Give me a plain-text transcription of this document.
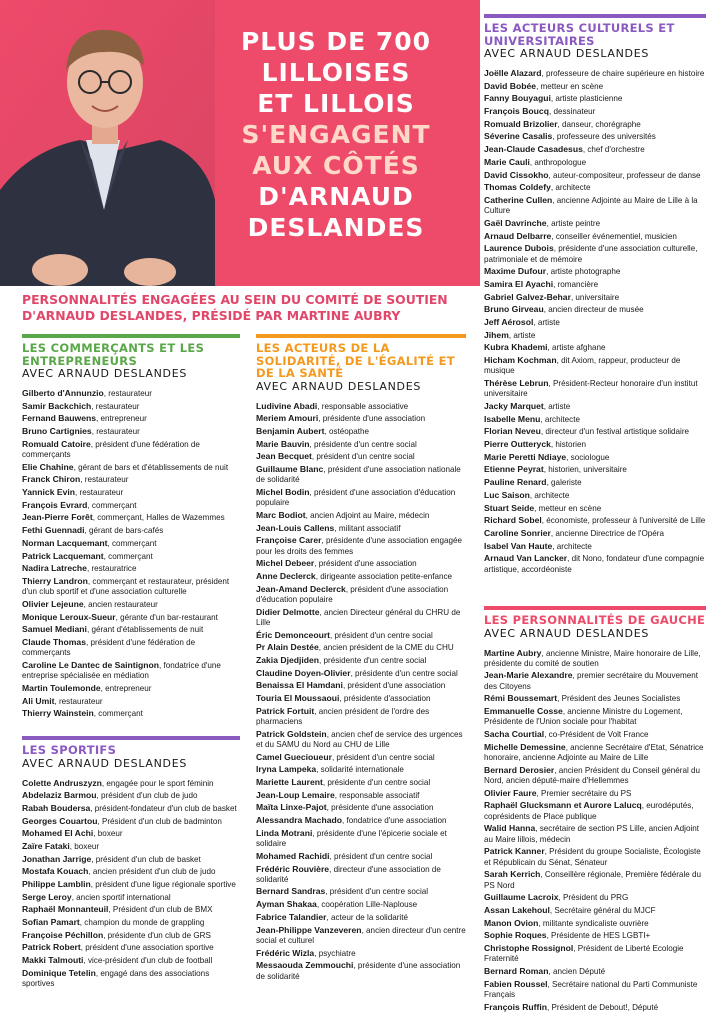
PLUS DE 700
LILLOISES
ET LILLOIS
S'ENGAGENT
AUX CÔTÉS
D'ARNAUD
DESLANDES
PERSONNALITÉS ENGAGÉES AU SEIN DU COMITÉ DE SOUTIEN D'ARNAUD DESLANDES, PRÉSIDÉ PAR MARTINE AUBRY
LES COMMERÇANTS ET LES ENTREPRENEURS
AVEC ARNAUD DESLANDES
Gilberto d'Annunzio, restaurateur
Samir Backchich, restaurateur
Fernand Bauwens, entrepreneur
Bruno Cartignies, restaurateur
Romuald Catoire, président d'une fédération de commerçants
Elie Chahine, gérant de bars et d'établissements de nuit
Franck Chiron, restaurateur
Yannick Evin, restaurateur
François Evrard, commerçant
Jean-Pierre Forêt, commerçant, Halles de Wazemmes
Fethi Guennadi, gérant de bars-cafés
Norman Lacquemant, commerçant
Patrick Lacquemant, commerçant
Nadira Latreche, restauratrice
Thierry Landron, commerçant et restaurateur, président d'un club sportif et d'une association culturelle
Olivier Lejeune, ancien restaurateur
Monique Leroux-Sueur, gérante d'un bar-restaurant
Samuel Mediani, gérant d'établissements de nuit
Claude Thomas, président d'une fédération de commerçants
Caroline Le Dantec de Saintignon, fondatrice d'une entreprise spécialisée en médiation
Martin Toulemonde, entrepreneur
Ali Umit, restaurateur
Thierry Wainstein, commerçant
LES SPORTIFS
AVEC ARNAUD DESLANDES
Colette Andruszyzn, engagée pour le sport féminin
Abdelaziz Barmou, président d'un club de judo
Rabah Boudersa, président-fondateur d'un club de basket
Georges Couartou, Président d'un club de badminton
Mohamed El Achi, boxeur
Zaïre Fataki, boxeur
Jonathan Jarrige, président d'un club de basket
Mostafa Kouach, ancien président d'un club de judo
Philippe Lamblin, président d'une ligue régionale sportive
Serge Leroy, ancien sportif international
Raphaël Monnanteuil, Président d'un club de BMX
Sofian Pamart, champion du monde de grappling
Françoise Péchillon, présidente d'un club de GRS
Patrick Robert, président d'une association sportive
Makki Talmouti, vice-président d'un club de football
Dominique Tetelin, engagé dans des associations sportives
LES ACTEURS DE LA SOLIDARITÉ, DE L'ÉGALITÉ ET DE LA SANTÉ
AVEC ARNAUD DESLANDES
Ludivine Abadi, responsable associative
Meriem Amouri, présidente d'une association
Benjamin Aubert, ostéopathe
Marie Bauvin, présidente d'un centre social
Jean Becquet, président d'un centre social
Guillaume Blanc, président d'une association nationale de solidarité
Michel Bodin, président d'une association d'éducation populaire
Marc Bodiot, ancien Adjoint au Maire, médecin
Jean-Louis Callens, militant associatif
Françoise Carer, présidente d'une association engagée pour les droits des femmes
Michel Debeer, président d'une association
Anne Declerck, dirigeante association petite-enfance
Jean-Amand Declerck, président d'une association d'éducation populaire
Didier Delmotte, ancien Directeur général du CHRU de Lille
Éric Demonceourt, président d'un centre social
Pr Alain Destée, ancien président de la CME du CHU
Zakia Djedjiden, présidente d'un centre social
Claudine Doyen-Olivier, présidente d'un centre social
Benaissa El Hamdani, président d'une association
Touria El Moussaoui, présidente d'association
Patrick Fortuit, ancien président de l'ordre des pharmaciens
Patrick Goldstein, ancien chef de service des urgences et du SAMU du Nord au CHU de Lille
Camel Guecioueur, président d'un centre social
Iryna Lampeka, solidarité internationale
Mariette Laurent, présidente d'un centre social
Jean-Loup Lemaire, responsable associatif
Maïta Linxe-Pajot, présidente d'une association
Alessandra Machado, fondatrice d'une association
Linda Motrani, présidente d'une l'épicerie sociale et solidaire
Mohamed Rachidi, président d'un centre social
Frédéric Rouvière, directeur d'une association de solidarité
Bernard Sandras, président d'un centre social
Ayman Shakaa, coopération Lille-Naplouse
Fabrice Talandier, acteur de la solidarité
Jean-Philippe Vanzeveren, ancien directeur d'un centre social et culturel
Frédéric Wizla, psychiatre
Messaouda Zemmouchi, présidente d'une association de solidarité
LES ACTEURS CULTURELS ET UNIVERSITAIRES
AVEC ARNAUD DESLANDES
Joëlle Alazard, professeure de chaire supérieure en histoire
David Bobée, metteur en scène
Fanny Bouyagui, artiste plasticienne
François Boucq, dessinateur
Romuald Brizolier, danseur, chorégraphe
Séverine Casalis, professeure des universités
Jean-Claude Casadesus, chef d'orchestre
Marie Cauli, anthropologue
David Cissokho, auteur-compositeur, professeur de danse
Thomas Coldefy, architecte
Catherine Cullen, ancienne Adjointe au Maire de Lille à la Culture
Gaël Davrinche, artiste peintre
Arnaud Delbarre, conseiller événementiel, musicien
Laurence Dubois, présidente d'une association culturelle, patrimoniale et de mémoire
Maxime Dufour, artiste photographe
Samira El Ayachi, romancière
Gabriel Galvez-Behar, universitaire
Bruno Girveau, ancien directeur de musée
Jeff Aérosol, artiste
Jihem, artiste
Kubra Khademi, artiste afghane
Hicham Kochman, dit Axiom, rappeur, producteur de musique
Thérèse Lebrun, Président-Recteur honoraire d'un institut universitaire
Jacky Marquet, artiste
Isabelle Menu, architecte
Florian Neveu, directeur d'un festival artistique solidaire
Pierre Outteryck, historien
Marie Peretti Ndiaye, sociologue
Etienne Peyrat, historien, universitaire
Pauline Renard, galeriste
Luc Saison, architecte
Stuart Seide, metteur en scène
Richard Sobel, économiste, professeur à l'université de Lille
Caroline Sonrier, ancienne Directrice de l'Opéra
Isabel Van Haute, architecte
Arnaud Van Lancker, dit Nono, fondateur d'une compagnie artistique, accordéoniste
LES PERSONNALITÉS DE GAUCHE
AVEC ARNAUD DESLANDES
Martine Aubry, ancienne Ministre, Maire honoraire de Lille, présidente du comité de soutien
Jean-Marie Alexandre, premier secrétaire du Mouvement des Citoyens
Rémi Boussemart, Président des Jeunes Socialistes
Emmanuelle Cosse, ancienne Ministre du Logement, Présidente de l'Union sociale pour l'habitat
Sacha Courtial, co-Président de Volt France
Michelle Demessine, ancienne Secrétaire d'Etat, Sénatrice honoraire, ancienne Adjointe au Maire de Lille
Bernard Derosier, ancien Président du Conseil général du Nord, ancien député-maire d'Hellemmes
Olivier Faure, Premier secrétaire du PS
Raphaël Glucksmann et Aurore Lalucq, eurodéputés, coprésidents de Place publique
Walid Hanna, secrétaire de section PS Lille, ancien Adjoint au Maire lillois, médecin
Patrick Kanner, Président du groupe Socialiste, Écologiste et Républicain du Sénat, Sénateur
Sarah Kerrich, Conseillère régionale, Première fédérale du PS Nord
Guillaume Lacroix, Président du PRG
Assan Lakehoul, Secrétaire général du MJCF
Manon Ovion, militante syndicaliste ouvrière
Sophie Roques, Présidente de HES LGBTI+
Christophe Rossignol, Président de Liberté Ecologie Fraternité
Bernard Roman, ancien Député
Fabien Roussel, Secrétaire national du Parti Communiste Français
François Ruffin, Président de Debout!, Député
